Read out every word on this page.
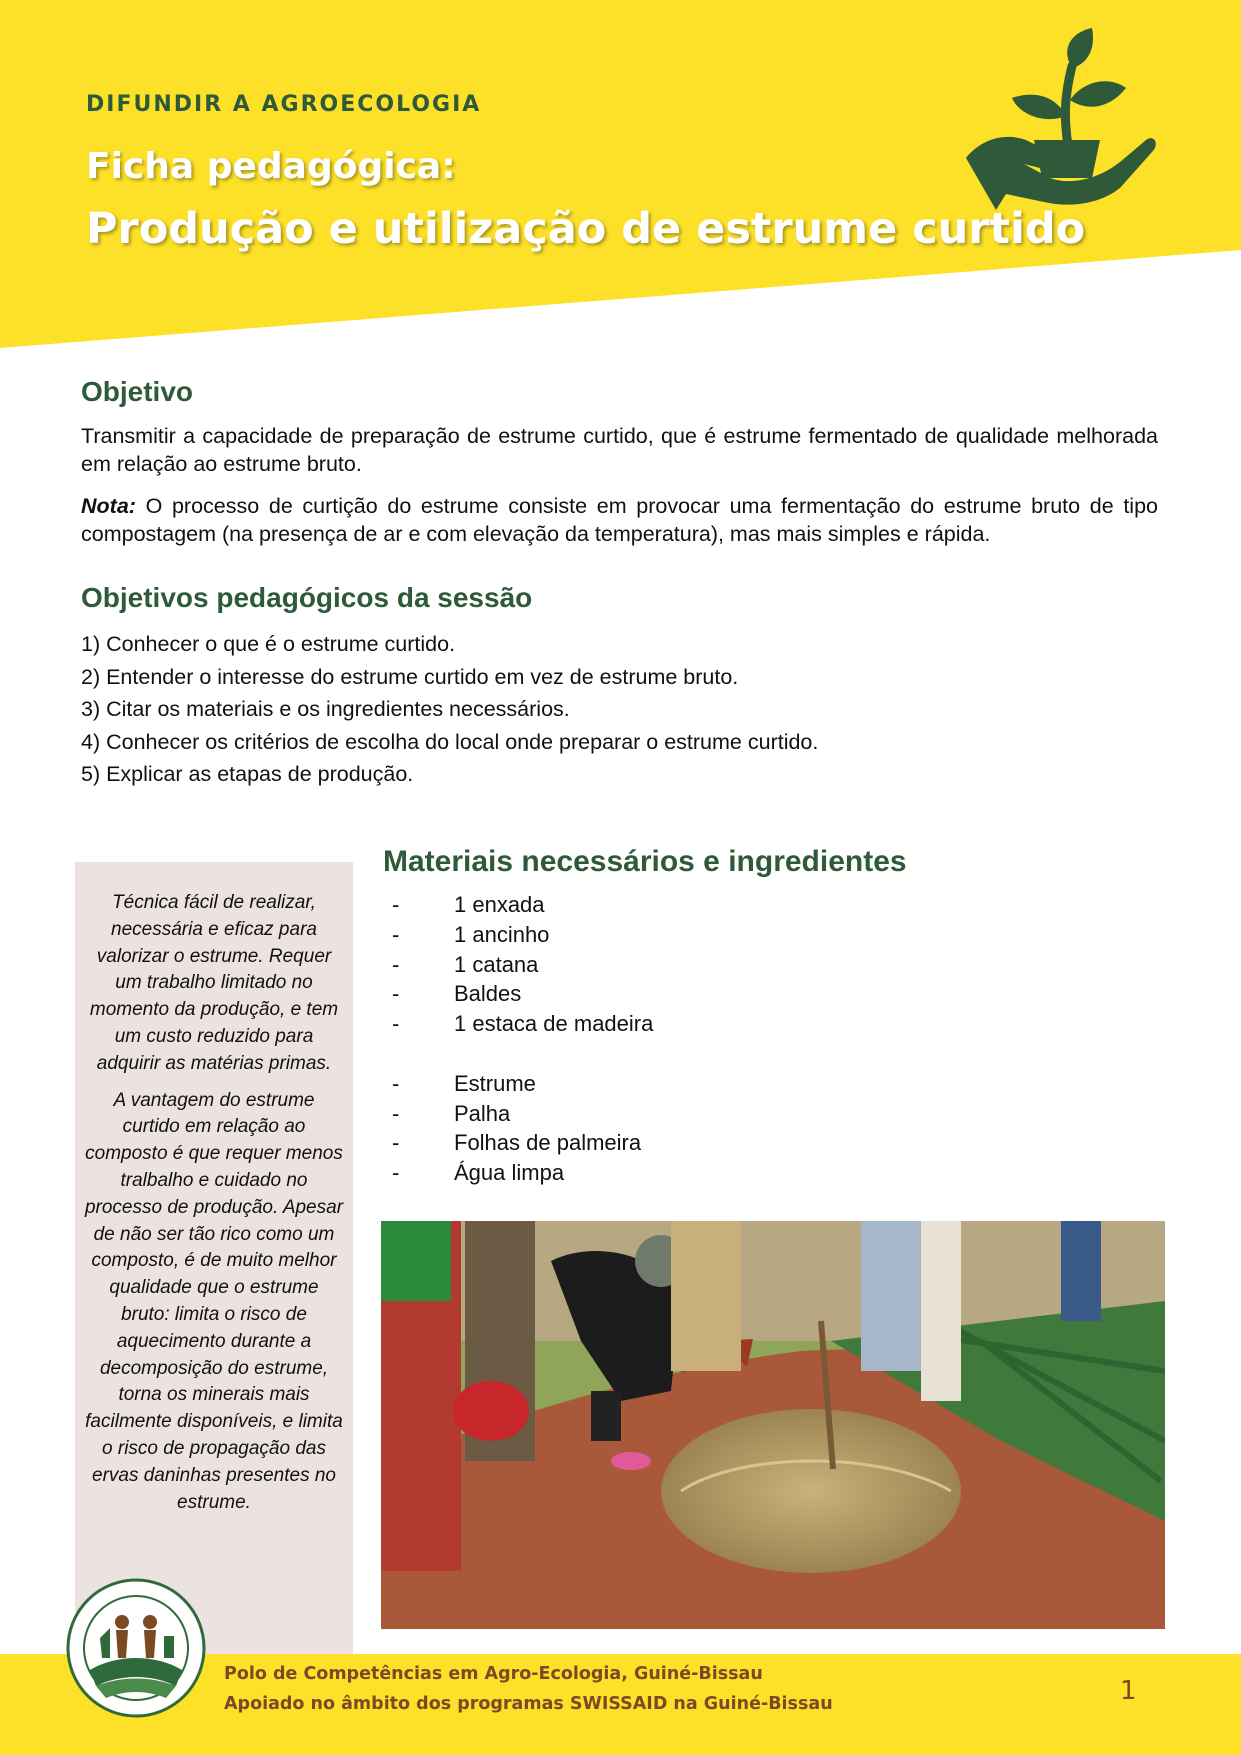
DIFUNDIR A AGROECOLOGIA
Ficha pedagógica:
Produção e utilização de estrume curtido
Objetivo

Transmitir a capacidade de preparação de estrume curtido, que é estrume fermentado de qualidade melhorada em relação ao estrume bruto.

Nota: O processo de curtição do estrume consiste em provocar uma fermentação do estrume bruto de tipo compostagem (na presença de ar e com elevação da temperatura), mas mais simples e rápida.

Objetivos pedagógicos da sessão
1) Conhecer o que é o estrume curtido.
2) Entender o interesse do estrume curtido em vez de estrume bruto.
3) Citar os materiais e os ingredientes necessários.
4) Conhecer os critérios de escolha do local onde preparar o estrume curtido.
5) Explicar as etapas de produção.

Técnica fácil de realizar, necessária e eficaz para valorizar o estrume. Requer um trabalho limitado no momento da produção, e tem um custo reduzido para adquirir as matérias primas.

A vantagem do estrume curtido em relação ao composto é que requer menos tralbalho e cuidado no processo de produção. Apesar de não ser tão rico como um composto, é de muito melhor qualidade que o estrume bruto: limita o risco de aquecimento durante a decomposição do estrume, torna os minerais mais facilmente disponíveis, e limita o risco de propagação das ervas daninhas presentes no estrume.

Materiais necessários e ingredientes
- 1 enxada
- 1 ancinho
- 1 catana
- Baldes
- 1 estaca de madeira
- Estrume
- Palha
- Folhas de palmeira
- Água limpa
Polo de Competências em Agro-Ecologia, Guiné-Bissau
Apoiado no âmbito dos programas SWISSAID na Guiné-Bissau	1
